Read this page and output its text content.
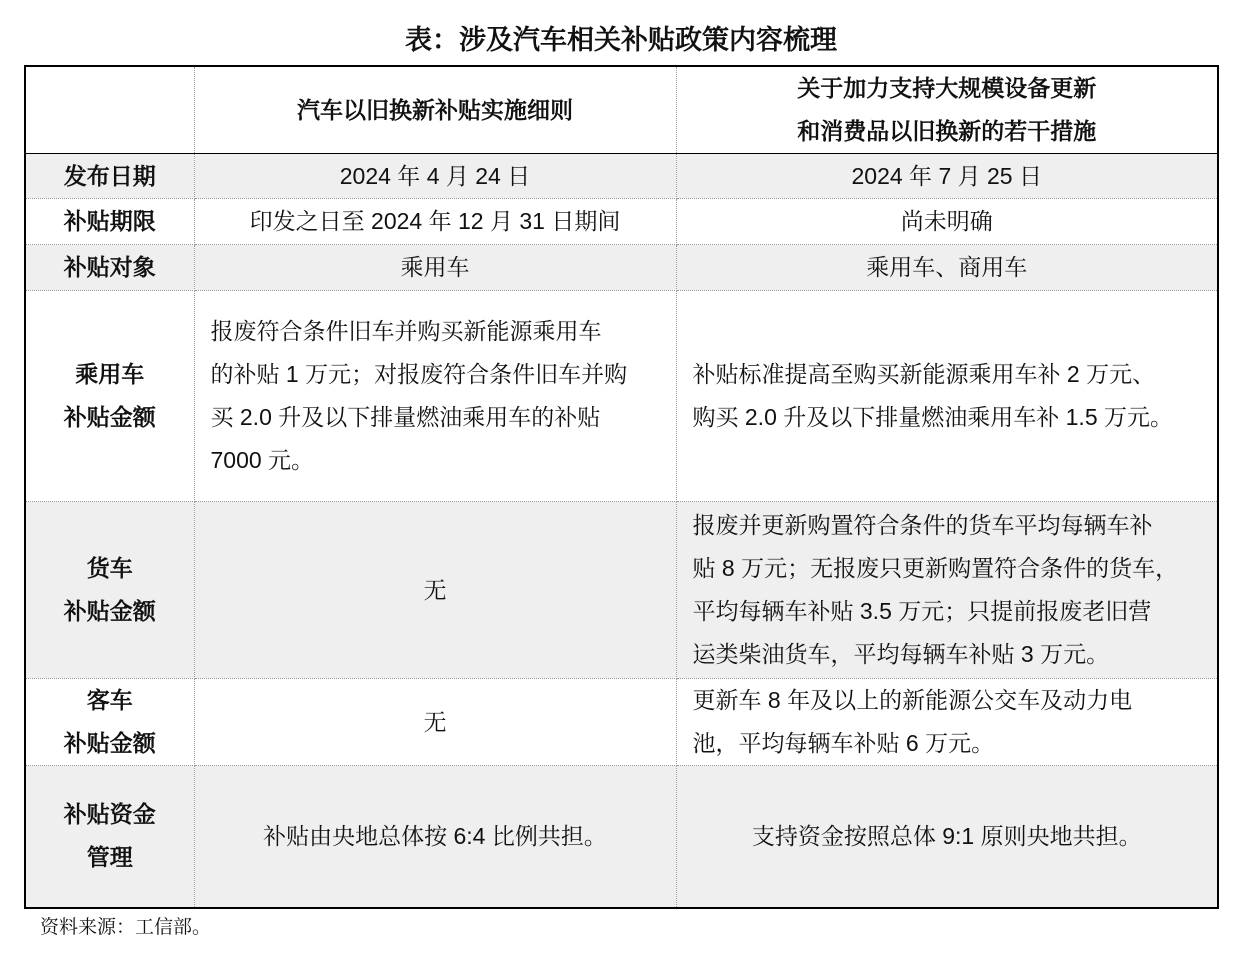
表：涉及汽车相关补贴政策内容梳理

	汽车以旧换新补贴实施细则	关于加力支持大规模设备更新
和消费品以旧换新的若干措施

发布日期	2024 年 4 月 24 日	2024 年 7 月 25 日

补贴期限	印发之日至 2024 年 12 月 31 日期间	尚未明确

补贴对象	乘用车	乘用车、商用车

乘用车
补贴金额	报废符合条件旧车并购买新能源乘用车
的补贴 1 万元；对报废符合条件旧车并购
买 2.0 升及以下排量燃油乘用车的补贴
7000 元。	补贴标准提高至购买新能源乘用车补 2 万元、
购买 2.0 升及以下排量燃油乘用车补 1.5 万元。

货车
补贴金额	无	报废并更新购置符合条件的货车平均每辆车补
贴 8 万元；无报废只更新购置符合条件的货车，
平均每辆车补贴 3.5 万元；只提前报废老旧营
运类柴油货车，平均每辆车补贴 3 万元。

客车
补贴金额	无	更新车 8 年及以上的新能源公交车及动力电
池，平均每辆车补贴 6 万元。

补贴资金
管理	补贴由央地总体按 6:4 比例共担。	支持资金按照总体 9:1 原则央地共担。
资料来源：工信部。
